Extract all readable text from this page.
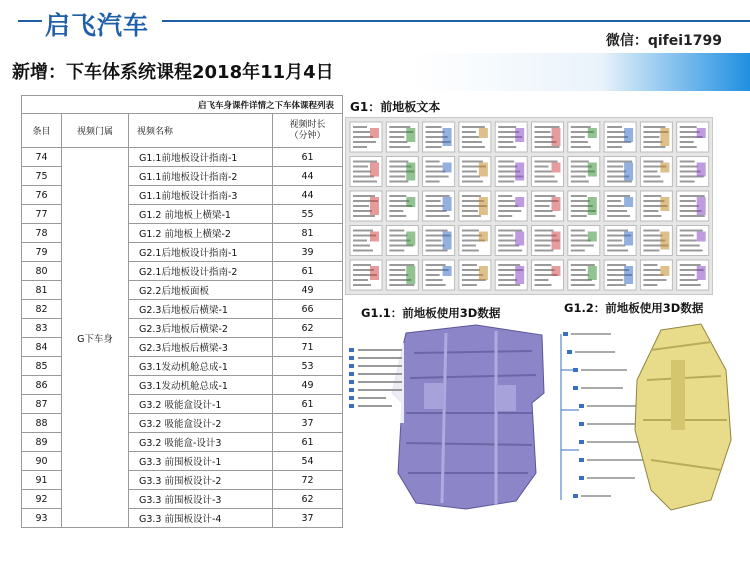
启飞汽车
微信：qifei1799
新增：下车体系统课程2018年11月4日
启飞车身课件详情之下车体课程列表			
条目	视频门属	视频名称	视频时长
（分钟）
74	G下车身	G1.1前地板设计指南-1	61
75		G1.1前地板设计指南-2	44
76		G1.1前地板设计指南-3	44
77		G1.2 前地板上横梁-1	55
78		G1.2 前地板上横梁-2	81
79		G2.1后地板设计指南-1	39
80		G2.1后地板设计指南-2	61
81		G2.2后地板面板	49
82		G2.3后地板后横梁-1	66
83		G2.3后地板后横梁-2	62
84		G2.3后地板后横梁-3	71
85		G3.1发动机舱总成-1	53
86		G3.1发动机舱总成-1	49
87		G3.2 吸能盒设计-1	61
88		G3.2 吸能盒设计-2	37
89		G3.2 吸能盒-设计3	61
90		G3.3 前围板设计-1	54
91		G3.3 前围板设计-2	72
92		G3.3 前围板设计-3	62
93		G3.3 前围板设计-4	37
G1：前地板文本
G1.1：前地板使用3D数据	G1.2：前地板使用3D数据
